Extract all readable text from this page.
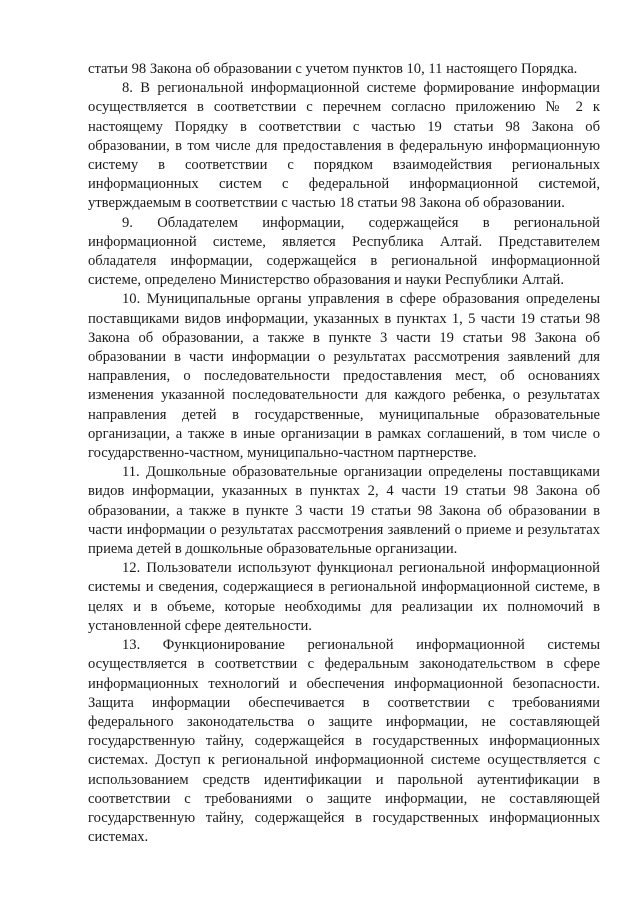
статьи 98 Закона об образовании с учетом пунктов 10, 11 настоящего Порядка.

8. В региональной информационной системе формирование информации осуществляется в соответствии с перечнем согласно приложению № 2 к настоящему Порядку в соответствии с частью 19 статьи 98 Закона об образовании, в том числе для предоставления в федеральную информационную систему в соответствии с порядком взаимодействия региональных информационных систем с федеральной информационной системой, утверждаемым в соответствии с частью 18 статьи 98 Закона об образовании.

9. Обладателем информации, содержащейся в региональной информационной системе, является Республика Алтай. Представителем обладателя информации, содержащейся в региональной информационной системе, определено Министерство образования и науки Республики Алтай.

10. Муниципальные органы управления в сфере образования определены поставщиками видов информации, указанных в пунктах 1, 5 части 19 статьи 98 Закона об образовании, а также в пункте 3 части 19 статьи 98 Закона об образовании в части информации о результатах рассмотрения заявлений для направления, о последовательности предоставления мест, об основаниях изменения указанной последовательности для каждого ребенка, о результатах направления детей в государственные, муниципальные образовательные организации, а также в иные организации в рамках соглашений, в том числе о государственно-частном, муниципально-частном партнерстве.

11. Дошкольные образовательные организации определены поставщиками видов информации, указанных в пунктах 2, 4 части 19 статьи 98 Закона об образовании, а также в пункте 3 части 19 статьи 98 Закона об образовании в части информации о результатах рассмотрения заявлений о приеме и результатах приема детей в дошкольные образовательные организации.

12. Пользователи используют функционал региональной информационной системы и сведения, содержащиеся в региональной информационной системе, в целях и в объеме, которые необходимы для реализации их полномочий в установленной сфере деятельности.

13. Функционирование региональной информационной системы осуществляется в соответствии с федеральным законодательством в сфере информационных технологий и обеспечения информационной безопасности. Защита информации обеспечивается в соответствии с требованиями федерального законодательства о защите информации, не составляющей государственную тайну, содержащейся в государственных информационных системах. Доступ к региональной информационной системе осуществляется с использованием средств идентификации и парольной аутентификации в соответствии с требованиями о защите информации, не составляющей государственную тайну, содержащейся в государственных информационных системах.
